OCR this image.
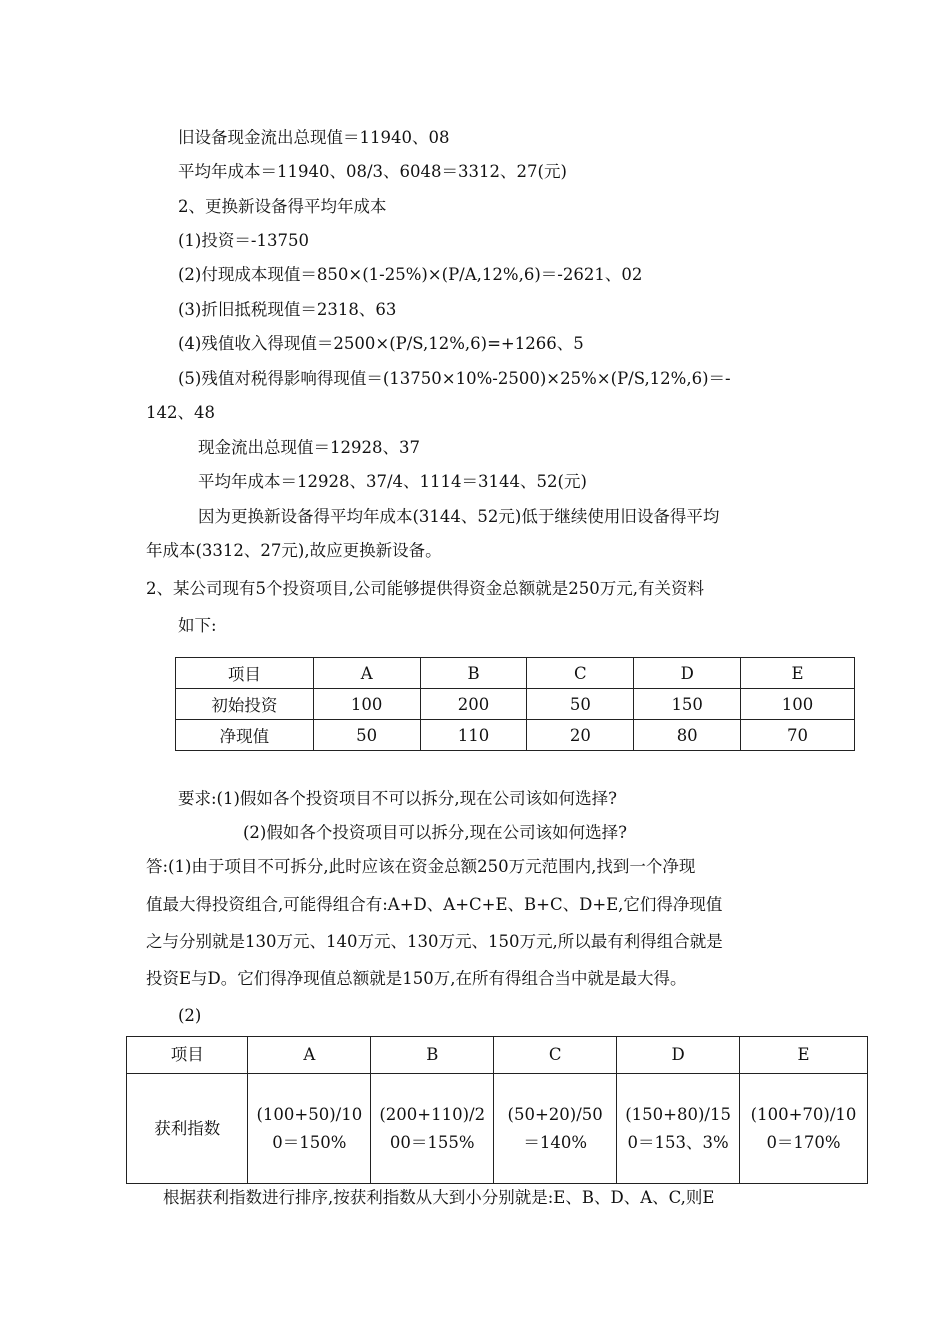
旧设备现金流出总现值＝11940、08
平均年成本＝11940、08/3、6048＝3312、27(元)
2、更换新设备得平均年成本
(1)投资＝-13750
(2)付现成本现值＝850×(1-25%)×(P/A,12%,6)＝-2621、02
(3)折旧抵税现值＝2318、63
(4)残值收入得现值＝2500×(P/S,12%,6)=+1266、5
(5)残值对税得影响得现值＝(13750×10%-2500)×25%×(P/S,12%,6)＝-
142、48
现金流出总现值＝12928、37
平均年成本＝12928、37/4、1114＝3144、52(元)
因为更换新设备得平均年成本(3144、52元)低于继续使用旧设备得平均
年成本(3312、27元),故应更换新设备。
2、某公司现有5个投资项目,公司能够提供得资金总额就是250万元,有关资料
如下:
项目	A	B	C	D	E
初始投资	100	200	50	150	100
净现值	50	110	20	80	70
要求:(1)假如各个投资项目不可以拆分,现在公司该如何选择?
(2)假如各个投资项目可以拆分,现在公司该如何选择?
答:(1)由于项目不可拆分,此时应该在资金总额250万元范围内,找到一个净现
值最大得投资组合,可能得组合有:A+D、A+C+E、B+C、D+E,它们得净现值
之与分别就是130万元、140万元、130万元、150万元,所以最有利得组合就是
投资E与D。它们得净现值总额就是150万,在所有得组合当中就是最大得。
(2)
项目	A	B	C	D	E
获利指数	(100+50)/100＝150%	(200+110)/200＝155%	(50+20)/50＝140%	(150+80)/150＝153、3%	(100+70)/100＝170%
根据获利指数进行排序,按获利指数从大到小分别就是:E、B、D、A、C,则E
